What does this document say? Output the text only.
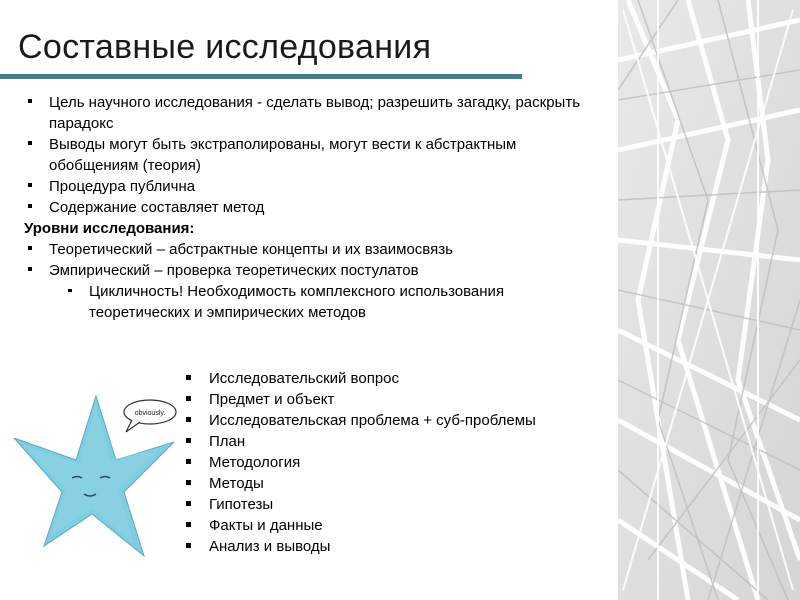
Составные исследования
Цель научного исследования - сделать вывод; разрешить загадку, раскрыть парадокс
Выводы могут быть экстраполированы, могут вести к абстрактным обобщениям (теория)
Процедура публична
Содержание составляет метод
Уровни исследования:
Теоретический – абстрактные концепты и их взаимосвязь
Эмпирический – проверка теоретических постулатов
Цикличность! Необходимость комплексного использования теоретических и эмпирических методов
obviously.
Исследовательский вопрос
Предмет и объект
Исследовательская проблема + суб-проблемы
План
Методология
Методы
Гипотезы
Факты и данные
Анализ и выводы
